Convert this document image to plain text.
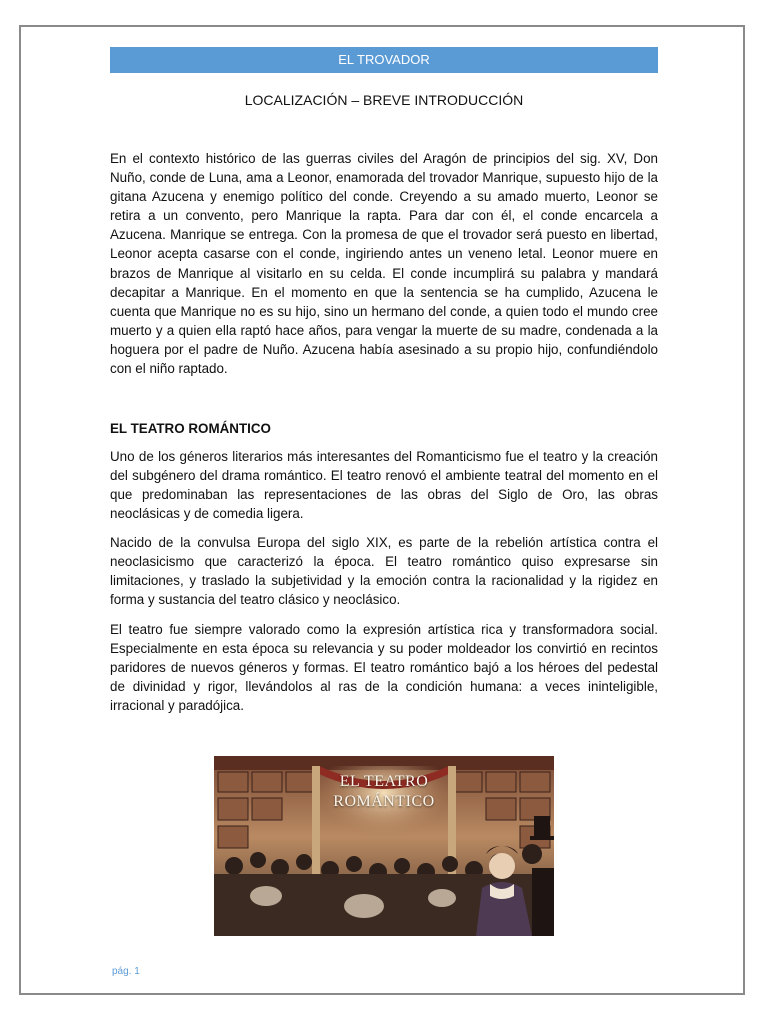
EL TROVADOR
LOCALIZACIÓN – BREVE INTRODUCCIÓN

En el contexto histórico de las guerras civiles del Aragón de principios del sig. XV, Don Nuño, conde de Luna, ama a Leonor, enamorada del trovador Manrique, supuesto hijo de la gitana Azucena y enemigo político del conde. Creyendo a su amado muerto, Leonor se retira a un convento, pero Manrique la rapta. Para dar con él, el conde encarcela a Azucena. Manrique se entrega. Con la promesa de que el trovador será puesto en libertad, Leonor acepta casarse con el conde, ingiriendo antes un veneno letal. Leonor muere en brazos de Manrique al visitarlo en su celda. El conde incumplirá su palabra y mandará decapitar a Manrique. En el momento en que la sentencia se ha cumplido, Azucena le cuenta que Manrique no es su hijo, sino un hermano del conde, a quien todo el mundo cree muerto y a quien ella raptó hace años, para vengar la muerte de su madre, condenada a la hoguera por el padre de Nuño. Azucena había asesinado a su propio hijo, confundiéndolo con el niño raptado.

EL TEATRO ROMÁNTICO

Uno de los géneros literarios más interesantes del Romanticismo fue el teatro y la creación del subgénero del drama romántico. El teatro renovó el ambiente teatral del momento en el que predominaban las representaciones de las obras del Siglo de Oro, las obras neoclásicas y de comedia ligera.

Nacido de la convulsa Europa del siglo XIX, es parte de la rebelión artística contra el neoclasicismo que caracterizó la época. El teatro romántico quiso expresarse sin limitaciones, y traslado la subjetividad y la emoción contra la racionalidad y la rigidez en forma y sustancia del teatro clásico y neoclásico.

El teatro fue siempre valorado como la expresión artística rica y transformadora social. Especialmente en esta época su relevancia y su poder moldeador los convirtió en recintos paridores de nuevos géneros y formas. El teatro romántico bajó a los héroes del pedestal de divinidad y rigor, llevándolos al ras de la condición humana: a veces ininteligible, irracional y paradójica.

EL TEATRO
ROMÁNTICO
pág. 1
